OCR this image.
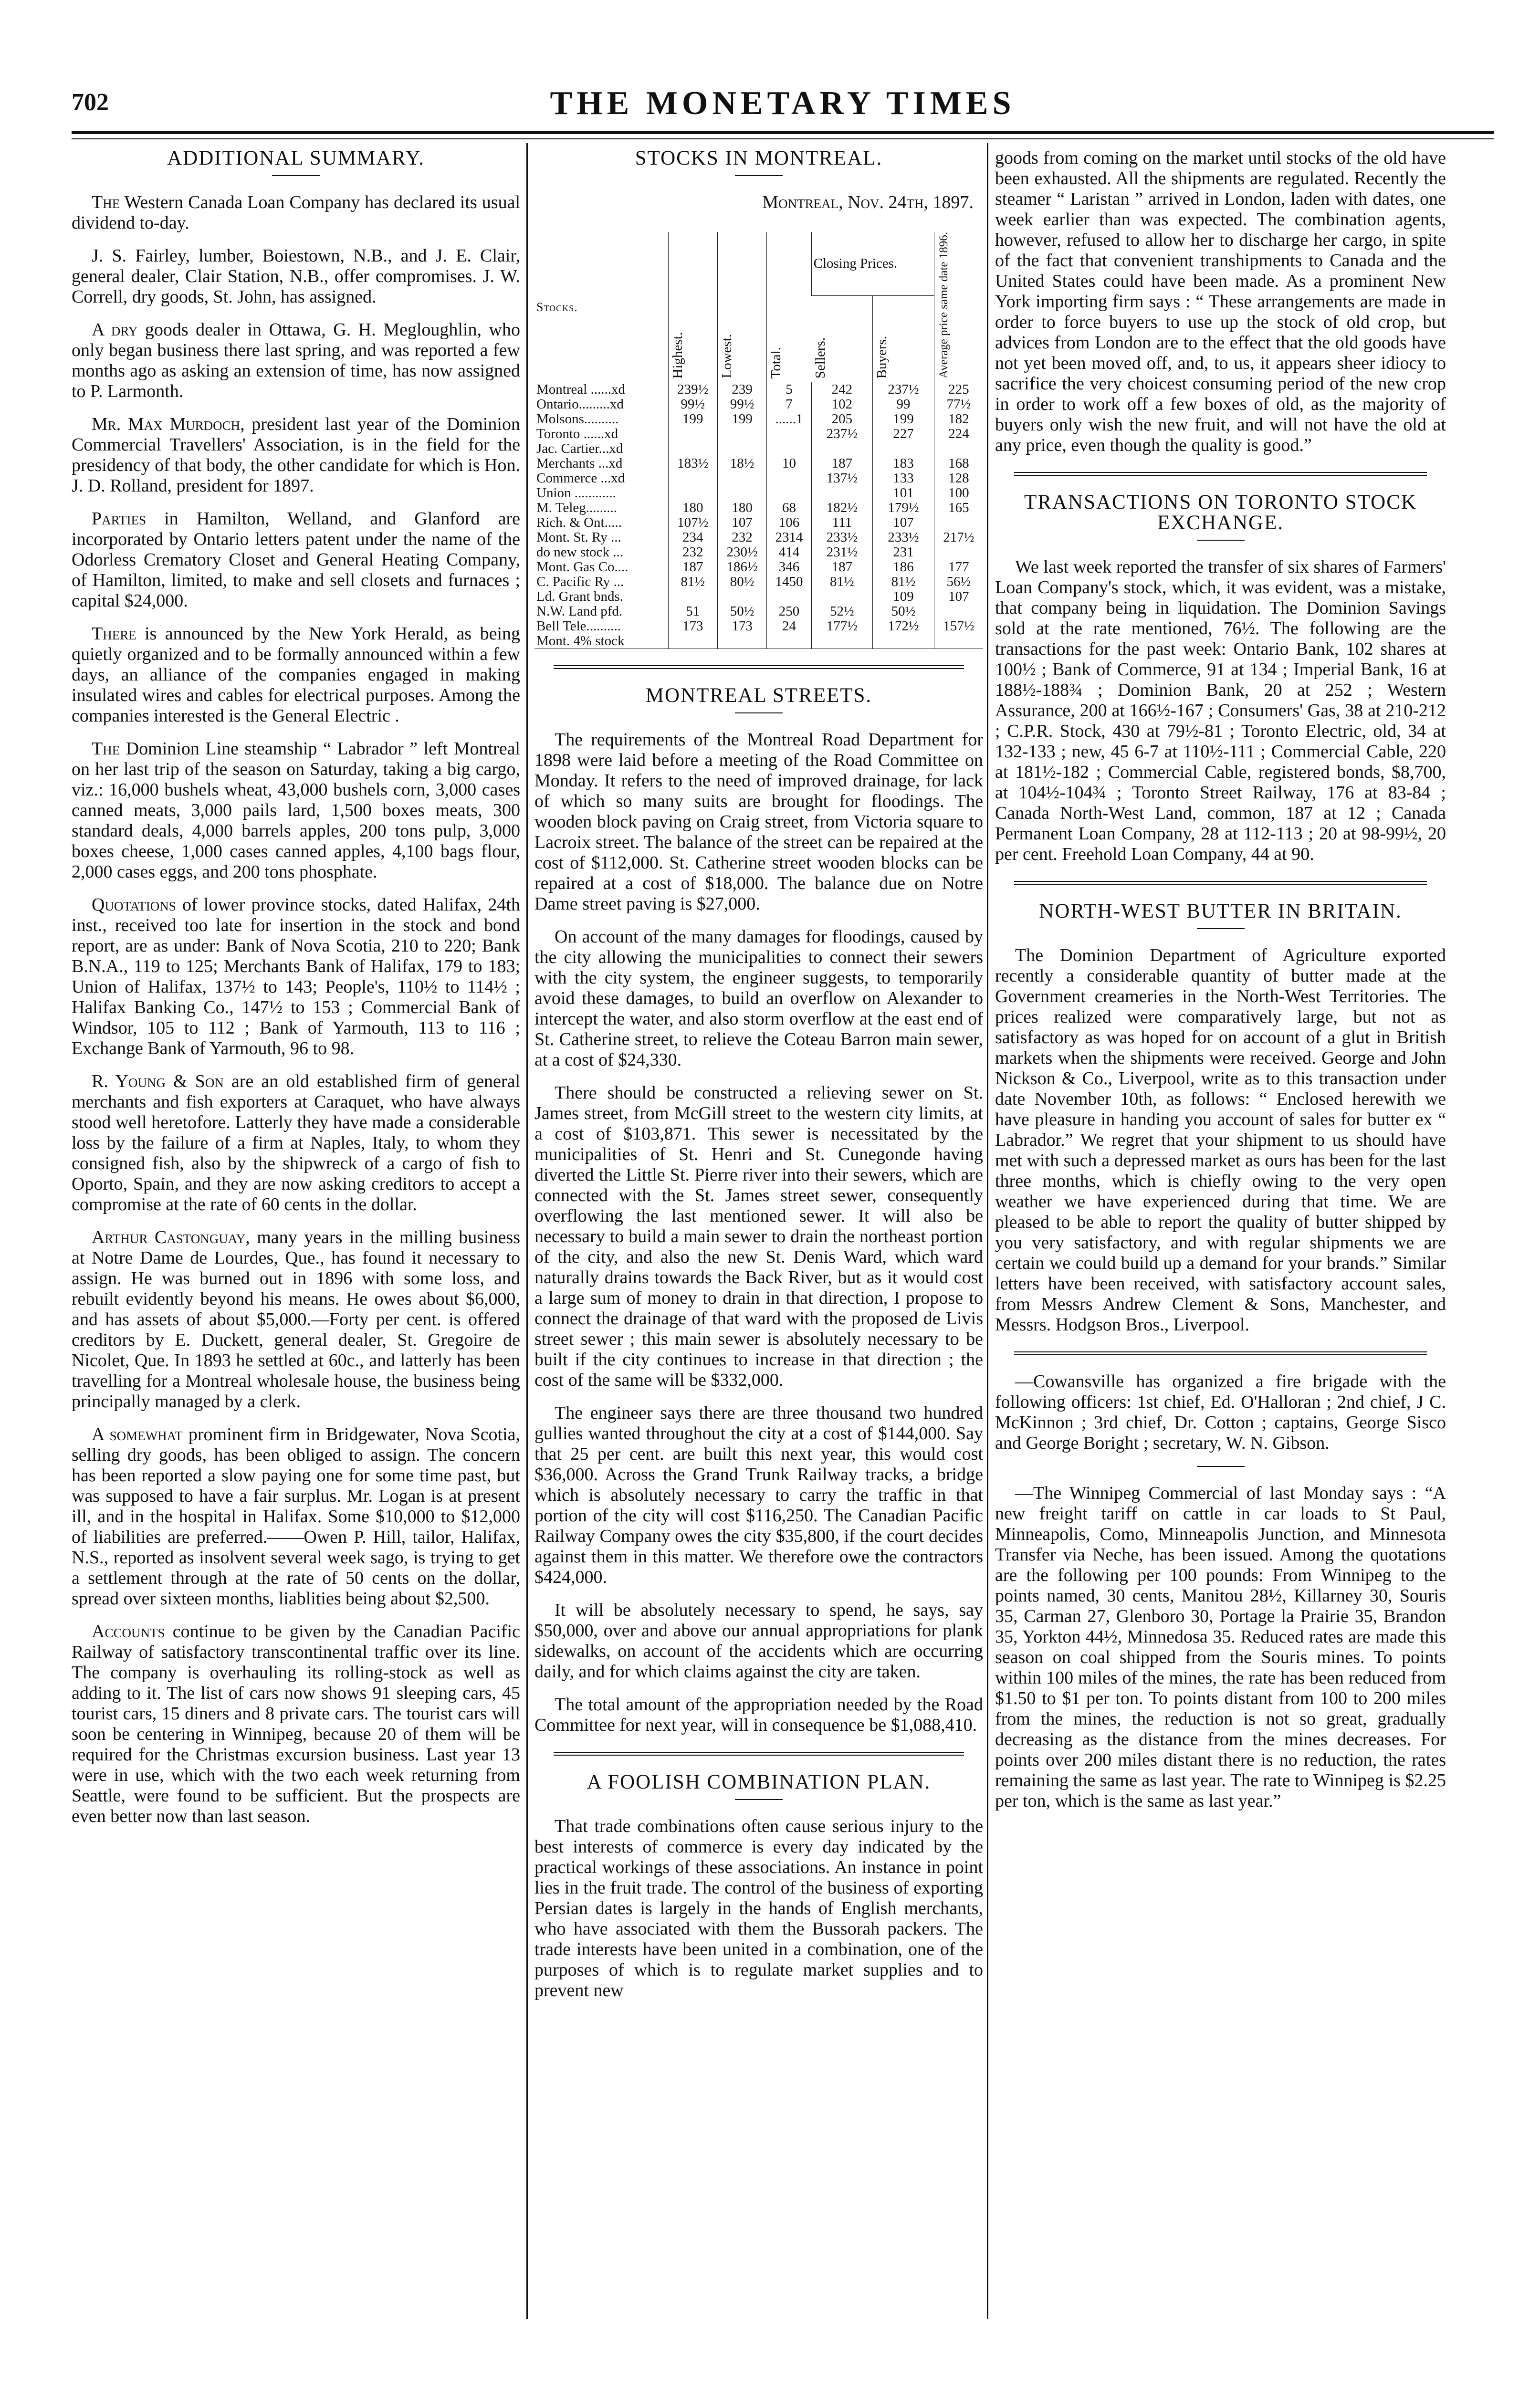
702	THE MONETARY TIMES
ADDITIONAL SUMMARY.

The Western Canada Loan Company has declared its usual dividend to-day.

J. S. Fairley, lumber, Boiestown, N.B., and J. E. Clair, general dealer, Clair Station, N.B., offer compromises. J. W. Correll, dry goods, St. John, has assigned.

A dry goods dealer in Ottawa, G. H. Megloughlin, who only began business there last spring, and was reported a few months ago as asking an extension of time, has now assigned to P. Larmonth.

Mr. Max Murdoch, president last year of the Dominion Commercial Travellers' Association, is in the field for the presidency of that body, the other candidate for which is Hon. J. D. Rolland, president for 1897.

Parties in Hamilton, Welland, and Glanford are incorporated by Ontario letters patent under the name of the Odorless Crematory Closet and General Heating Company, of Hamilton, limited, to make and sell closets and furnaces ; capital $24,000.

There is announced by the New York Herald, as being quietly organized and to be formally announced within a few days, an alliance of the companies engaged in making insulated wires and cables for electrical purposes. Among the companies interested is the General Electric .

The Dominion Line steamship “ Labrador ” left Montreal on her last trip of the season on Saturday, taking a big cargo, viz.: 16,000 bushels wheat, 43,000 bushels corn, 3,000 cases canned meats, 3,000 pails lard, 1,500 boxes meats, 300 standard deals, 4,000 barrels apples, 200 tons pulp, 3,000 boxes cheese, 1,000 cases canned apples, 4,100 bags flour, 2,000 cases eggs, and 200 tons phosphate.

Quotations of lower province stocks, dated Halifax, 24th inst., received too late for insertion in the stock and bond report, are as under: Bank of Nova Scotia, 210 to 220; Bank B.N.A., 119 to 125; Merchants Bank of Halifax, 179 to 183; Union of Halifax, 137½ to 143; People's, 110½ to 114½ ; Halifax Banking Co., 147½ to 153 ; Commercial Bank of Windsor, 105 to 112 ; Bank of Yarmouth, 113 to 116 ; Exchange Bank of Yarmouth, 96 to 98.

R. Young & Son are an old established firm of general merchants and fish exporters at Caraquet, who have always stood well heretofore. Latterly they have made a considerable loss by the failure of a firm at Naples, Italy, to whom they consigned fish, also by the shipwreck of a cargo of fish to Oporto, Spain, and they are now asking creditors to accept a compromise at the rate of 60 cents in the dollar.

Arthur Castonguay, many years in the milling business at Notre Dame de Lourdes, Que., has found it necessary to assign. He was burned out in 1896 with some loss, and rebuilt evidently beyond his means. He owes about $6,000, and has assets of about $5,000.—Forty per cent. is offered creditors by E. Duckett, general dealer, St. Gregoire de Nicolet, Que. In 1893 he settled at 60c., and latterly has been travelling for a Montreal wholesale house, the business being principally managed by a clerk.

A somewhat prominent firm in Bridgewater, Nova Scotia, selling dry goods, has been obliged to assign. The concern has been reported a slow paying one for some time past, but was supposed to have a fair surplus. Mr. Logan is at present ill, and in the hospital in Halifax. Some $10,000 to $12,000 of liabilities are preferred.——Owen P. Hill, tailor, Halifax, N.S., reported as insolvent several week sago, is trying to get a settlement through at the rate of 50 cents on the dollar, spread over sixteen months, liablities being about $2,500.

Accounts continue to be given by the Canadian Pacific Railway of satisfactory transcontinental traffic over its line. The company is overhauling its rolling-stock as well as adding to it. The list of cars now shows 91 sleeping cars, 45 tourist cars, 15 diners and 8 private cars. The tourist cars will soon be centering in Winnipeg, because 20 of them will be required for the Christmas excursion business. Last year 13 were in use, which with the two each week returning from Seattle, were found to be sufficient. But the prospects are even better now than last season.

STOCKS IN MONTREAL.
Montreal, Nov. 24th, 1897.
Stocks.	Highest.	Lowest.	Total.	Closing Prices.		Average price same date 1896.
				Sellers.	Buyers.	
Montreal ......xd	239½	239	5	242	237½	225
Ontario.........xd	99½	99½	7	102	99	77½
Molsons..........	199	199	......1	205	199	182
Toronto ......xd				237½	227	224
Jac. Cartier...xd						
Merchants ...xd	183½	18½	10	187	183	168
Commerce ...xd				137½	133	128
Union ............					101	100
M. Teleg.........	180	180	68	182½	179½	165
Rich. & Ont.....	107½	107	106	111	107	
Mont. St. Ry ...	234	232	2314	233½	233½	217½
do new stock ...	232	230½	414	231½	231	
Mont. Gas Co....	187	186½	346	187	186	177
C. Pacific Ry ...	81½	80½	1450	81½	81½	56½
Ld. Grant bnds.					109	107
N.W. Land pfd.	51	50½	250	52½	50½	
Bell Tele..........	173	173	24	177½	172½	157½
Mont. 4% stock						
MONTREAL STREETS.

The requirements of the Montreal Road Department for 1898 were laid before a meeting of the Road Committee on Monday. It refers to the need of improved drainage, for lack of which so many suits are brought for floodings. The wooden block paving on Craig street, from Victoria square to Lacroix street. The balance of the street can be repaired at the cost of $112,000. St. Catherine street wooden blocks can be repaired at a cost of $18,000. The balance due on Notre Dame street paving is $27,000.

On account of the many damages for floodings, caused by the city allowing the municipalities to connect their sewers with the city system, the engineer suggests, to temporarily avoid these damages, to build an overflow on Alexander to intercept the water, and also storm overflow at the east end of St. Catherine street, to relieve the Coteau Barron main sewer, at a cost of $24,330.

There should be constructed a relieving sewer on St. James street, from McGill street to the western city limits, at a cost of $103,871. This sewer is necessitated by the municipalities of St. Henri and St. Cunegonde having diverted the Little St. Pierre river into their sewers, which are connected with the St. James street sewer, consequently overflowing the last mentioned sewer. It will also be necessary to build a main sewer to drain the northeast portion of the city, and also the new St. Denis Ward, which ward naturally drains towards the Back River, but as it would cost a large sum of money to drain in that direction, I propose to connect the drainage of that ward with the proposed de Livis street sewer ; this main sewer is absolutely necessary to be built if the city continues to increase in that direction ; the cost of the same will be $332,000.

The engineer says there are three thousand two hundred gullies wanted throughout the city at a cost of $144,000. Say that 25 per cent. are built this next year, this would cost $36,000. Across the Grand Trunk Railway tracks, a bridge which is absolutely necessary to carry the traffic in that portion of the city will cost $116,250. The Canadian Pacific Railway Company owes the city $35,800, if the court decides against them in this matter. We therefore owe the contractors $424,000.

It will be absolutely necessary to spend, he says, say $50,000, over and above our annual appropriations for plank sidewalks, on account of the accidents which are occurring daily, and for which claims against the city are taken.

The total amount of the appropriation needed by the Road Committee for next year, will in consequence be $1,088,410.

A FOOLISH COMBINATION PLAN.

That trade combinations often cause serious injury to the best interests of commerce is every day indicated by the practical workings of these associations. An instance in point lies in the fruit trade. The control of the business of exporting Persian dates is largely in the hands of English merchants, who have associated with them the Bussorah packers. The trade interests have been united in a combination, one of the purposes of which is to regulate market supplies and to prevent new

goods from coming on the market until stocks of the old have been exhausted. All the shipments are regulated. Recently the steamer “ Laristan ” arrived in London, laden with dates, one week earlier than was expected. The combination agents, however, refused to allow her to discharge her cargo, in spite of the fact that convenient transhipments to Canada and the United States could have been made. As a prominent New York importing firm says : “ These arrangements are made in order to force buyers to use up the stock of old crop, but advices from London are to the effect that the old goods have not yet been moved off, and, to us, it appears sheer idiocy to sacrifice the very choicest consuming period of the new crop in order to work off a few boxes of old, as the majority of buyers only wish the new fruit, and will not have the old at any price, even though the quality is good.”

TRANSACTIONS ON TORONTO STOCK EXCHANGE.

We last week reported the transfer of six shares of Farmers' Loan Company's stock, which, it was evident, was a mistake, that company being in liquidation. The Dominion Savings sold at the rate mentioned, 76½. The following are the transactions for the past week: Ontario Bank, 102 shares at 100½ ; Bank of Commerce, 91 at 134 ; Imperial Bank, 16 at 188½-188¾ ; Dominion Bank, 20 at 252 ; Western Assurance, 200 at 166½-167 ; Consumers' Gas, 38 at 210-212 ; C.P.R. Stock, 430 at 79½-81 ; Toronto Electric, old, 34 at 132-133 ; new, 45 6-7 at 110½-111 ; Commercial Cable, 220 at 181½-182 ; Commercial Cable, registered bonds, $8,700, at 104½-104¾ ; Toronto Street Railway, 176 at 83-84 ; Canada North-West Land, common, 187 at 12 ; Canada Permanent Loan Company, 28 at 112-113 ; 20 at 98-99½, 20 per cent. Freehold Loan Company, 44 at 90.

NORTH-WEST BUTTER IN BRITAIN.

The Dominion Department of Agriculture exported recently a considerable quantity of butter made at the Government creameries in the North-West Territories. The prices realized were comparatively large, but not as satisfactory as was hoped for on account of a glut in British markets when the shipments were received. George and John Nickson & Co., Liverpool, write as to this transaction under date November 10th, as follows: “ Enclosed herewith we have pleasure in handing you account of sales for butter ex “ Labrador.” We regret that your shipment to us should have met with such a depressed market as ours has been for the last three months, which is chiefly owing to the very open weather we have experienced during that time. We are pleased to be able to report the quality of butter shipped by you very satisfactory, and with regular shipments we are certain we could build up a demand for your brands.” Similar letters have been received, with satisfactory account sales, from Messrs Andrew Clement & Sons, Manchester, and Messrs. Hodgson Bros., Liverpool.

—Cowansville has organized a fire brigade with the following officers: 1st chief, Ed. O'Halloran ; 2nd chief, J C. McKinnon ; 3rd chief, Dr. Cotton ; captains, George Sisco and George Boright ; secretary, W. N. Gibson.

—The Winnipeg Commercial of last Monday says : “A new freight tariff on cattle in car loads to St Paul, Minneapolis, Como, Minneapolis Junction, and Minnesota Transfer via Neche, has been issued. Among the quotations are the following per 100 pounds: From Winnipeg to the points named, 30 cents, Manitou 28½, Killarney 30, Souris 35, Carman 27, Glenboro 30, Portage la Prairie 35, Brandon 35, Yorkton 44½, Minnedosa 35. Reduced rates are made this season on coal shipped from the Souris mines. To points within 100 miles of the mines, the rate has been reduced from $1.50 to $1 per ton. To points distant from 100 to 200 miles from the mines, the reduction is not so great, gradually decreasing as the distance from the mines decreases. For points over 200 miles distant there is no reduction, the rates remaining the same as last year. The rate to Winnipeg is $2.25 per ton, which is the same as last year.”
